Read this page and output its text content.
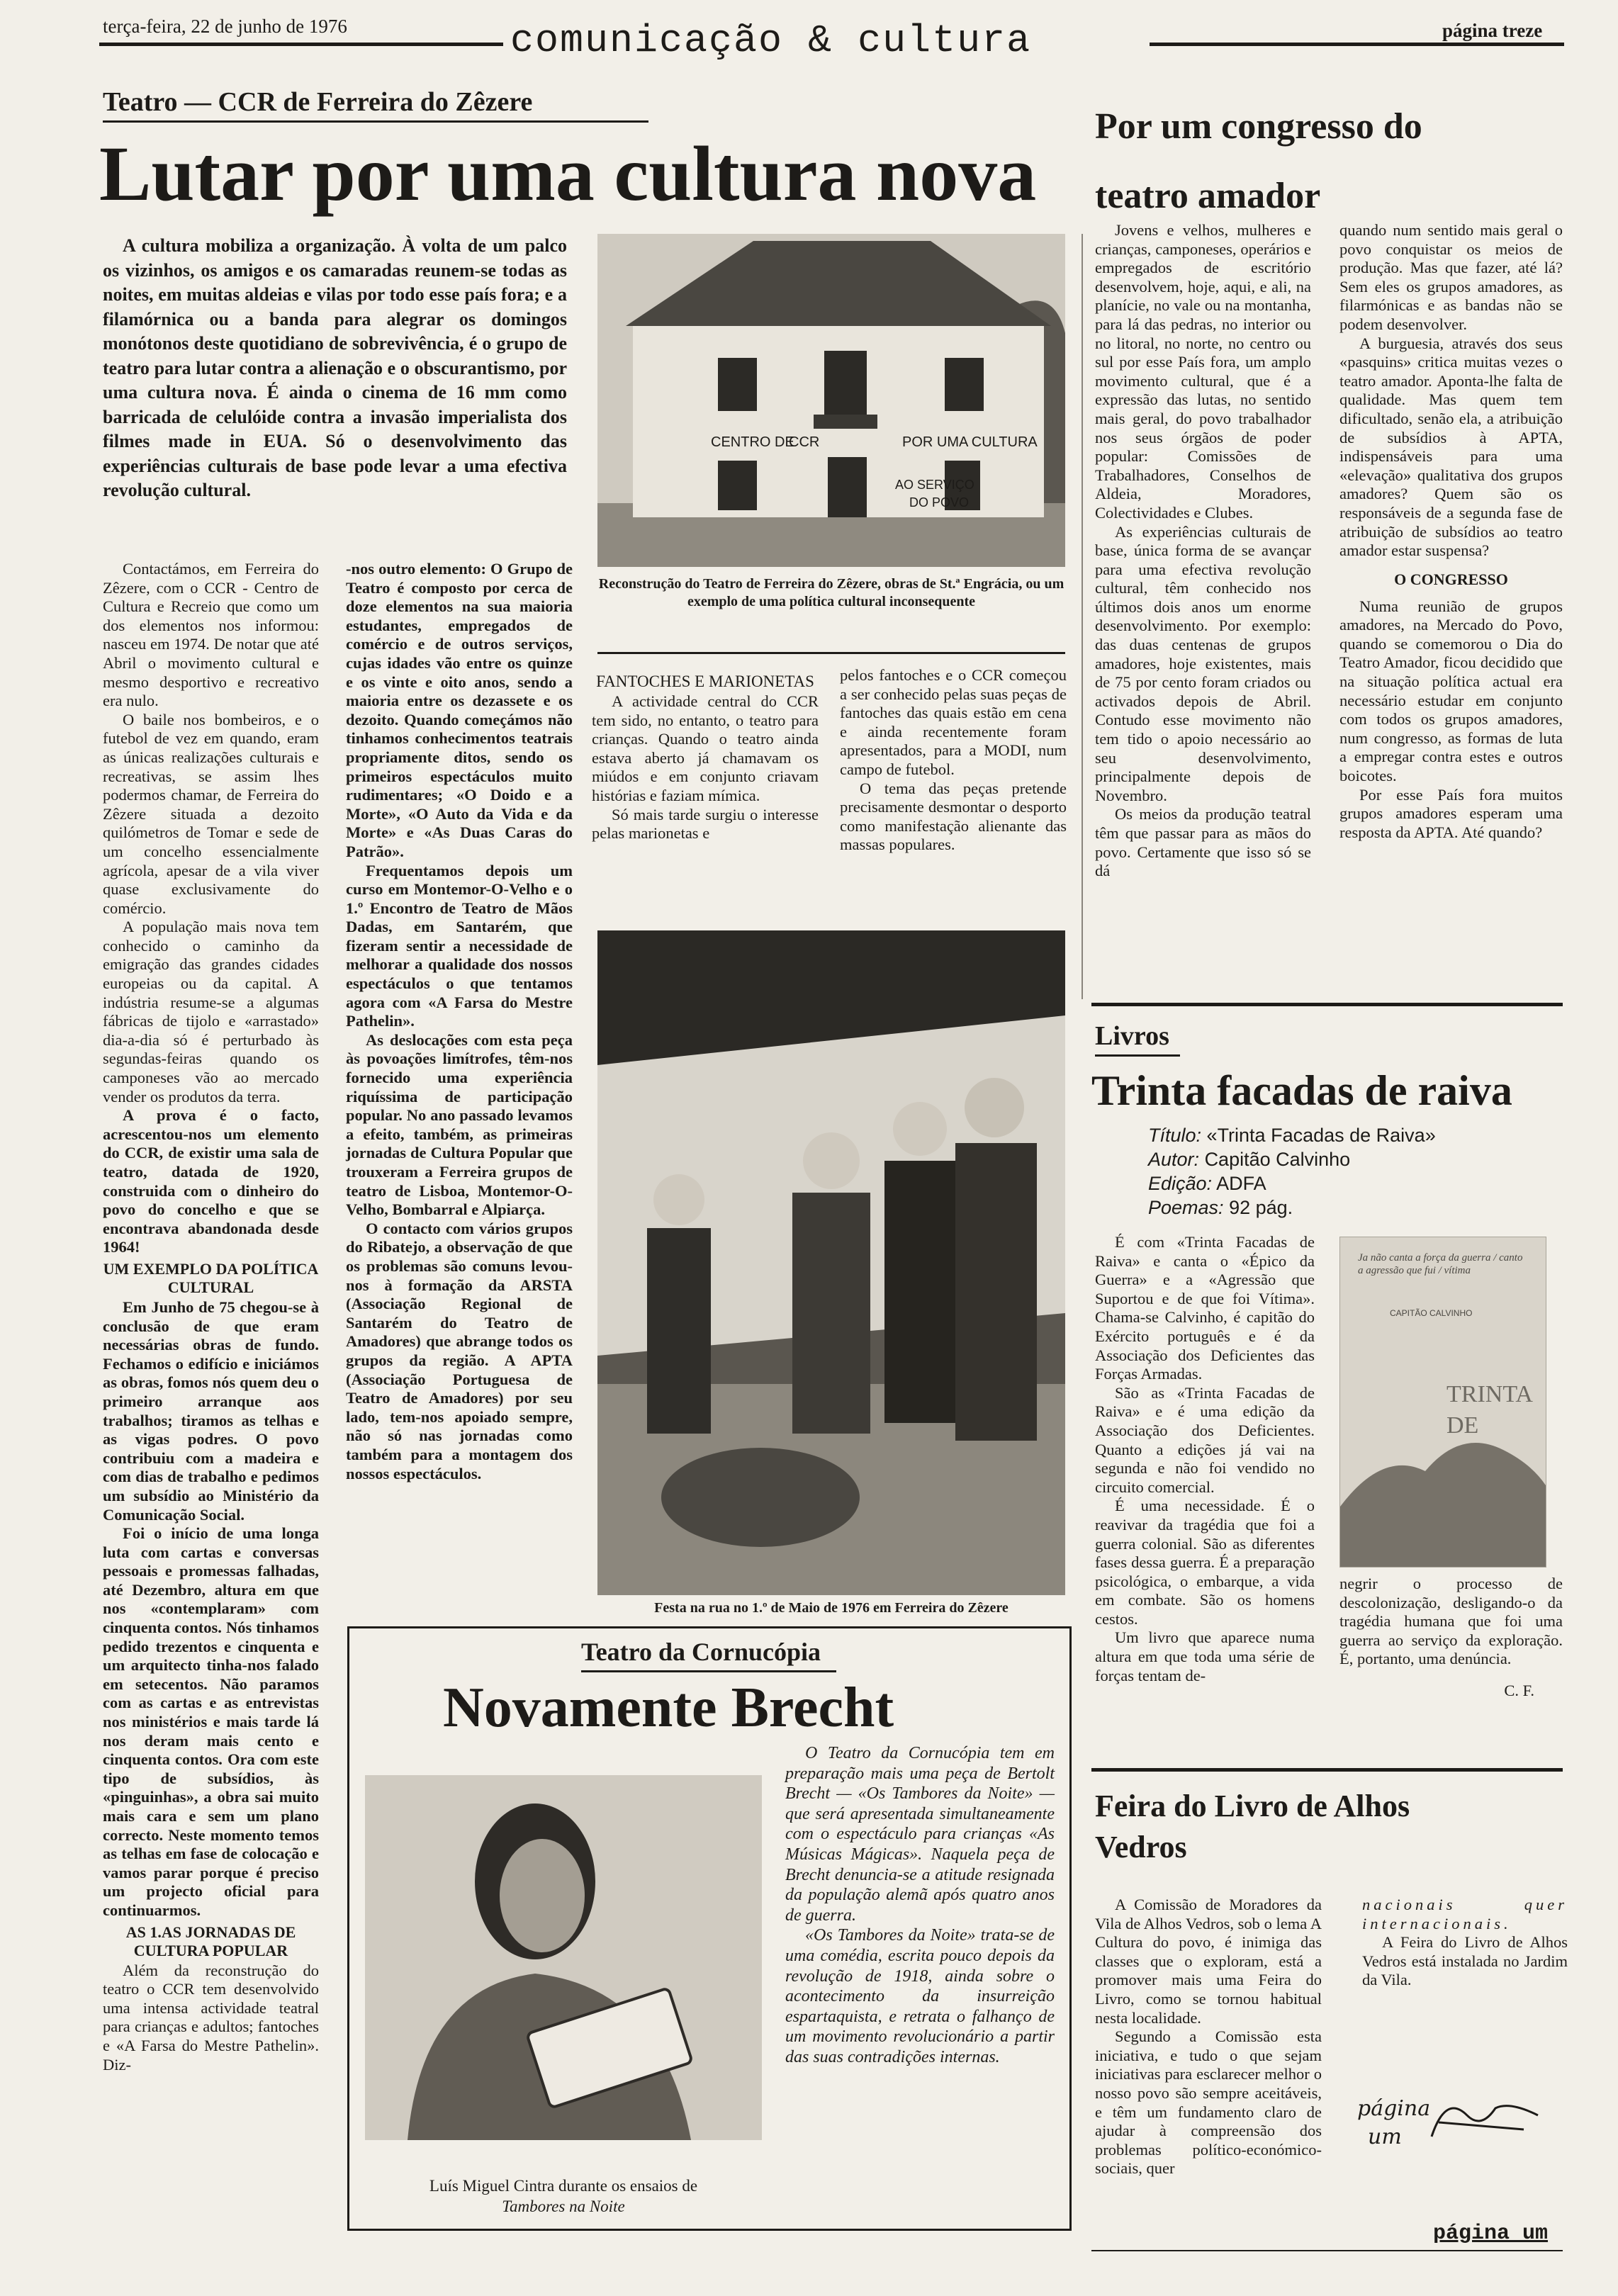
terça-feira, 22 de junho de 1976	comunicação & cultura	página treze
Teatro — CCR de Ferreira do Zêzere
Lutar por uma cultura nova

A cultura mobiliza a organização. À volta de um palco os vizinhos, os amigos e os camaradas reunem-se todas as noites, em muitas aldeias e vilas por todo esse país fora; e a filamórnica ou a banda para alegrar os domingos monótonos deste quotidiano de sobrevivência, é o grupo de teatro para lutar contra a alienação e o obscurantismo, por uma cultura nova. É ainda o cinema de 16 mm como barricada de celulóide contra a invasão imperialista dos filmes made in EUA. Só o desenvolvimento das experiências culturais de base pode levar a uma efectiva revolução cultural.

Contactámos, em Ferreira do Zêzere, com o CCR - Centro de Cultura e Recreio que como um dos elementos nos informou: nasceu em 1974. De notar que até Abril o movimento cultural e mesmo desportivo e recreativo era nulo.

O baile nos bombeiros, e o futebol de vez em quando, eram as únicas realizações culturais e recreativas, se assim lhes podermos chamar, de Ferreira do Zêzere situada a dezoito quilómetros de Tomar e sede de um concelho essencialmente agrícola, apesar de a vila viver quase exclusivamente do comércio.

A população mais nova tem conhecido o caminho da emigração das grandes cidades europeias ou da capital. A indústria resume-se a algumas fábricas de tijolo e «arrastado» dia-a-dia só é perturbado às segundas-feiras quando os camponeses vão ao mercado vender os produtos da terra.

A prova é o facto, acrescentou-nos um elemento do CCR, de existir uma sala de teatro, datada de 1920, construida com o dinheiro do povo do concelho e que se encontrava abandonada desde 1964!

UM EXEMPLO DA POLÍTICA CULTURAL

Em Junho de 75 chegou-se à conclusão de que eram necessárias obras de fundo. Fechamos o edifício e iniciámos as obras, fomos nós quem deu o primeiro arranque aos trabalhos; tiramos as telhas e as vigas podres. O povo contribuiu com a madeira e com dias de trabalho e pedimos um subsídio ao Ministério da Comunicação Social.

Foi o início de uma longa luta com cartas e conversas pessoais e promessas falhadas, até Dezembro, altura em que nos «contemplaram» com cinquenta contos. Nós tinhamos pedido trezentos e cinquenta e um arquitecto tinha-nos falado em setecentos. Não paramos com as cartas e as entrevistas nos ministérios e mais tarde lá nos deram mais cento e cinquenta contos. Ora com este tipo de subsídios, às «pinguinhas», a obra sai muito mais cara e sem um plano correcto. Neste momento temos as telhas em fase de colocação e vamos parar porque é preciso um projecto oficial para continuarmos.

AS 1.AS JORNADAS DE CULTURA POPULAR

Além da reconstrução do teatro o CCR tem desenvolvido uma intensa actividade teatral para crianças e adultos; fantoches e «A Farsa do Mestre Pathelin». Diz-

-nos outro elemento: O Grupo de Teatro é composto por cerca de doze elementos na sua maioria estudantes, empregados de comércio e de outros serviços, cujas idades vão entre os quinze e os vinte e oito anos, sendo a maioria entre os dezassete e os dezoito. Quando começámos não tinhamos conhecimentos teatrais propriamente ditos, sendo os primeiros espectáculos muito rudimentares; «O Doido e a Morte», «O Auto da Vida e da Morte» e «As Duas Caras do Patrão».

Frequentamos depois um curso em Montemor-O-Velho e o 1.º Encontro de Teatro de Mãos Dadas, em Santarém, que fizeram sentir a necessidade de melhorar a qualidade dos nossos espectáculos o que tentamos agora com «A Farsa do Mestre Pathelin».

As deslocações com esta peça às povoações limítrofes, têm-nos fornecido uma experiência riquíssima de participação popular. No ano passado levamos a efeito, também, as primeiras jornadas de Cultura Popular que trouxeram a Ferreira grupos de teatro de Lisboa, Montemor-O-Velho, Bombarral e Alpiarça.

O contacto com vários grupos do Ribatejo, a observação de que os problemas são comuns levou-nos à formação da ARSTA (Associação Regional de Santarém do Teatro de Amadores) que abrange todos os grupos da região. A APTA (Associação Portuguesa de Teatro de Amadores) por seu lado, tem-nos apoiado sempre, não só nas jornadas como também para a montagem dos nossos espectáculos.

CENTRO DE
CCR	POR UMA CULTURA
AO SERVIÇO
DO POVO
Reconstrução do Teatro de Ferreira do Zêzere, obras de St.ª Engrácia, ou um exemplo de uma política cultural inconsequente
FANTOCHES E MARIONETAS

A actividade central do CCR tem sido, no entanto, o teatro para crianças. Quando o teatro ainda estava aberto já chamavam os miúdos e em conjunto criavam histórias e faziam mímica.

Só mais tarde surgiu o interesse pelas marionetas e

pelos fantoches e o CCR começou a ser conhecido pelas suas peças de fantoches das quais estão em cena e ainda recentemente foram apresentados, para a MODI, num campo de futebol.

O tema das peças pretende precisamente desmontar o desporto como manifestação alienante das massas populares.

Festa na rua no 1.º de Maio de 1976 em Ferreira do Zêzere
Por um congresso do teatro amador

Jovens e velhos, mulheres e crianças, camponeses, operários e empregados de escritório desenvolvem, hoje, aqui, e ali, na planície, no vale ou na montanha, para lá das pedras, no interior ou no litoral, no norte, no centro ou sul por esse País fora, um amplo movimento cultural, que é a expressão das lutas, no sentido mais geral, do povo trabalhador nos seus órgãos de poder popular: Comissões de Trabalhadores, Conselhos de Aldeia, Moradores, Colectividades e Clubes.

As experiências culturais de base, única forma de se avançar para uma efectiva revolução cultural, têm conhecido nos últimos dois anos um enorme desenvolvimento. Por exemplo: das duas centenas de grupos amadores, hoje existentes, mais de 75 por cento foram criados ou activados depois de Abril. Contudo esse movimento não tem tido o apoio necessário ao seu desenvolvimento, principalmente depois de Novembro.

Os meios da produção teatral têm que passar para as mãos do povo. Certamente que isso só se dá

quando num sentido mais geral o povo conquistar os meios de produção. Mas que fazer, até lá? Sem eles os grupos amadores, as filarmónicas e as bandas não se podem desenvolver.

A burguesia, através dos seus «pasquins» critica muitas vezes o teatro amador. Aponta-lhe falta de qualidade. Mas quem tem dificultado, senão ela, a atribuição de subsídios à APTA, indispensáveis para uma «elevação» qualitativa dos grupos amadores? Quem são os responsáveis de a segunda fase de atribuição de subsídios ao teatro amador estar suspensa?

O CONGRESSO

Numa reunião de grupos amadores, na Mercado do Povo, quando se comemorou o Dia do Teatro Amador, ficou decidido que na situação política actual era necessário estudar em conjunto com todos os grupos amadores, num congresso, as formas de luta a empregar contra estes e outros boicotes.

Por esse País fora muitos grupos amadores esperam uma resposta da APTA. Até quando?

Livros
Trinta facadas de raiva
Título: «Trinta Facadas de Raiva»
Autor: Capitão Calvinho
Edição: ADFA
Poemas: 92 pág.

É com «Trinta Facadas de Raiva» e canta o «Épico da Guerra» e a «Agressão que Suportou e de que foi Vítima». Chama-se Calvinho, é capitão do Exército português e é da Associação dos Deficientes das Forças Armadas.

São as «Trinta Facadas de Raiva» e é uma edição da Associação dos Deficientes. Quanto a edições já vai na segunda e não foi vendido no circuito comercial.

É uma necessidade. É o reavivar da tragédia que foi a guerra colonial. São as diferentes fases dessa guerra. É a preparação psicológica, o embarque, a vida em combate. São os homens cestos.

Um livro que aparece numa altura em que toda uma série de forças tentam de-

Ja não canta a força da guerra / canto a agressão que fui / vítima
CAPITÃO CALVINHO
TRINTA DE

negrir o processo de descolonização, desligando-o da tragédia humana que foi uma guerra ao serviço da exploração. É, portanto, uma denúncia.

C. F.
Feira do Livro de Alhos Vedros

A Comissão de Moradores da Vila de Alhos Vedros, sob o lema A Cultura do povo, é inimiga das classes que o exploram, está a promover mais uma Feira do Livro, como se tornou habitual nesta localidade.

Segundo a Comissão esta iniciativa, e tudo o que sejam iniciativas para esclarecer melhor o nosso povo são sempre aceitáveis, e têm um fundamento claro de ajudar à compreensão dos problemas político-económico-sociais, quer

nacionais quer internacionais.

A Feira do Livro de Alhos Vedros está instalada no Jardim da Vila.

página
um
página um
Teatro da Cornucópia
Novamente Brecht
Luís Miguel Cintra durante os ensaios de
Tambores na Noite

O Teatro da Cornucópia tem em preparação mais uma peça de Bertolt Brecht — «Os Tambores da Noite» — que será apresentada simultaneamente com o espectáculo para crianças «As Músicas Mágicas». Naquela peça de Brecht denuncia-se a atitude resignada da população alemã após quatro anos de guerra.

«Os Tambores da Noite» trata-se de uma comédia, escrita pouco depois da revolução de 1918, ainda sobre o acontecimento da insurreição espartaquista, e retrata o falhanço de um movimento revolucionário a partir das suas contradições internas.
